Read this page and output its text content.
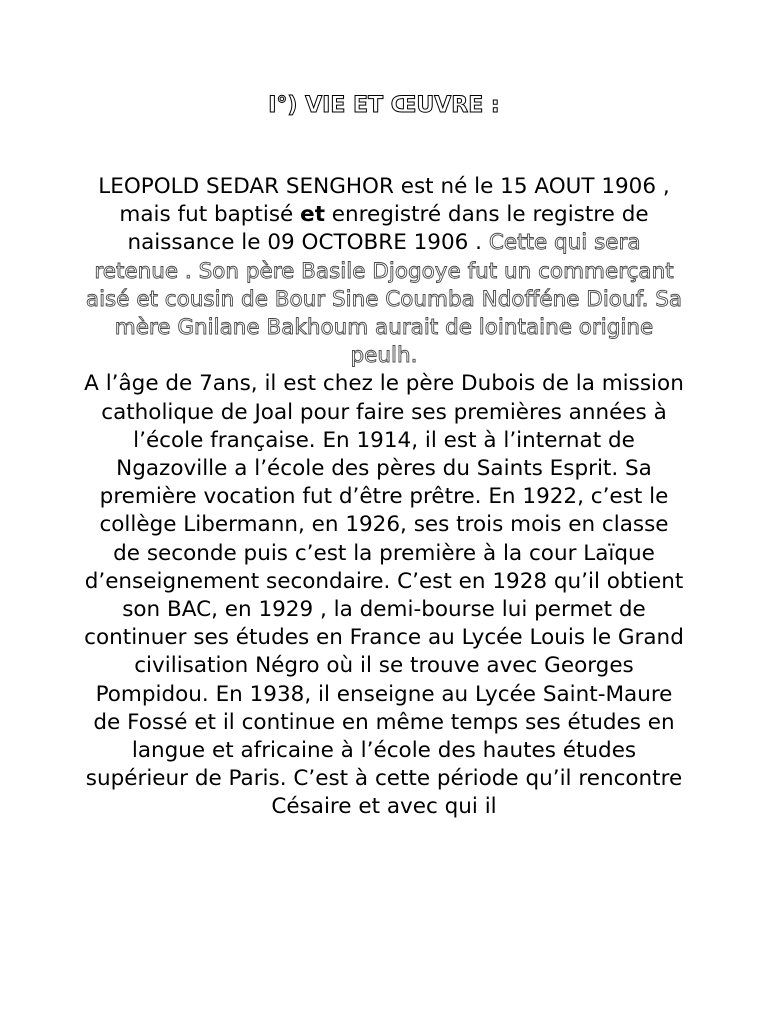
I°) VIE ET ŒUVRE :

LEOPOLD SEDAR SENGHOR est né le 15 AOUT 1906 , mais fut baptisé et enregistré dans le registre de naissance le 09 OCTOBRE 1906 . Cette qui sera retenue . Son père Basile Djogoye fut un commerçant aisé et cousin de Bour Sine Coumba Ndofféne Diouf. Sa mère Gnilane Bakhoum aurait de lointaine origine peulh.

A l’âge de 7ans, il est chez le père Dubois de la mission catholique de Joal pour faire ses premières années à l’école française. En 1914, il est à l’internat de Ngazoville a l’école des pères du Saints Esprit. Sa première vocation fut d’être prêtre. En 1922, c’est le collège Libermann, en 1926, ses trois mois en classe de seconde puis c’est la première à la cour Laïque d’enseignement secondaire. C’est en 1928 qu’il obtient son BAC, en 1929 , la demi-bourse lui permet de continuer ses études en France au Lycée Louis le Grand civilisation Négro où il se trouve avec Georges Pompidou. En 1938, il enseigne au Lycée Saint-Maure de Fossé et il continue en même temps ses études en langue et africaine à l’école des hautes études supérieur de Paris. C’est à cette période qu’il rencontre Césaire et avec qui il
